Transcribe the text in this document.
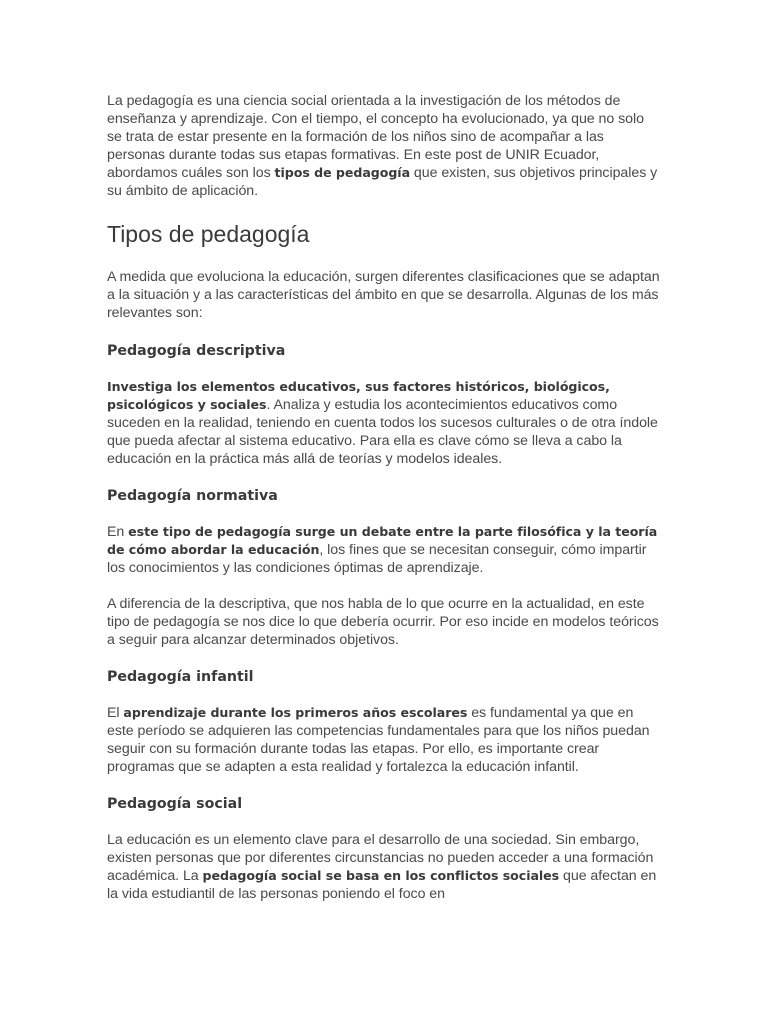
La pedagogía es una ciencia social orientada a la investigación de los métodos de enseñanza y aprendizaje. Con el tiempo, el concepto ha evolucionado, ya que no solo se trata de estar presente en la formación de los niños sino de acompañar a las personas durante todas sus etapas formativas. En este post de UNIR Ecuador, abordamos cuáles son los tipos de pedagogía que existen, sus objetivos principales y su ámbito de aplicación.

Tipos de pedagogía

A medida que evoluciona la educación, surgen diferentes clasificaciones que se adaptan a la situación y a las características del ámbito en que se desarrolla. Algunas de los más relevantes son:

Pedagogía descriptiva

Investiga los elementos educativos, sus factores históricos, biológicos, psicológicos y sociales. Analiza y estudia los acontecimientos educativos como suceden en la realidad, teniendo en cuenta todos los sucesos culturales o de otra índole que pueda afectar al sistema educativo. Para ella es clave cómo se lleva a cabo la educación en la práctica más allá de teorías y modelos ideales.

Pedagogía normativa

En este tipo de pedagogía surge un debate entre la parte filosófica y la teoría de cómo abordar la educación, los fines que se necesitan conseguir, cómo impartir los conocimientos y las condiciones óptimas de aprendizaje.

A diferencia de la descriptiva, que nos habla de lo que ocurre en la actualidad, en este tipo de pedagogía se nos dice lo que debería ocurrir. Por eso incide en modelos teóricos a seguir para alcanzar determinados objetivos.

Pedagogía infantil

El aprendizaje durante los primeros años escolares es fundamental ya que en este período se adquieren las competencias fundamentales para que los niños puedan seguir con su formación durante todas las etapas. Por ello, es importante crear programas que se adapten a esta realidad y fortalezca la educación infantil.

Pedagogía social

La educación es un elemento clave para el desarrollo de una sociedad. Sin embargo, existen personas que por diferentes circunstancias no pueden acceder a una formación académica. La pedagogía social se basa en los conflictos sociales que afectan en la vida estudiantil de las personas poniendo el foco en
